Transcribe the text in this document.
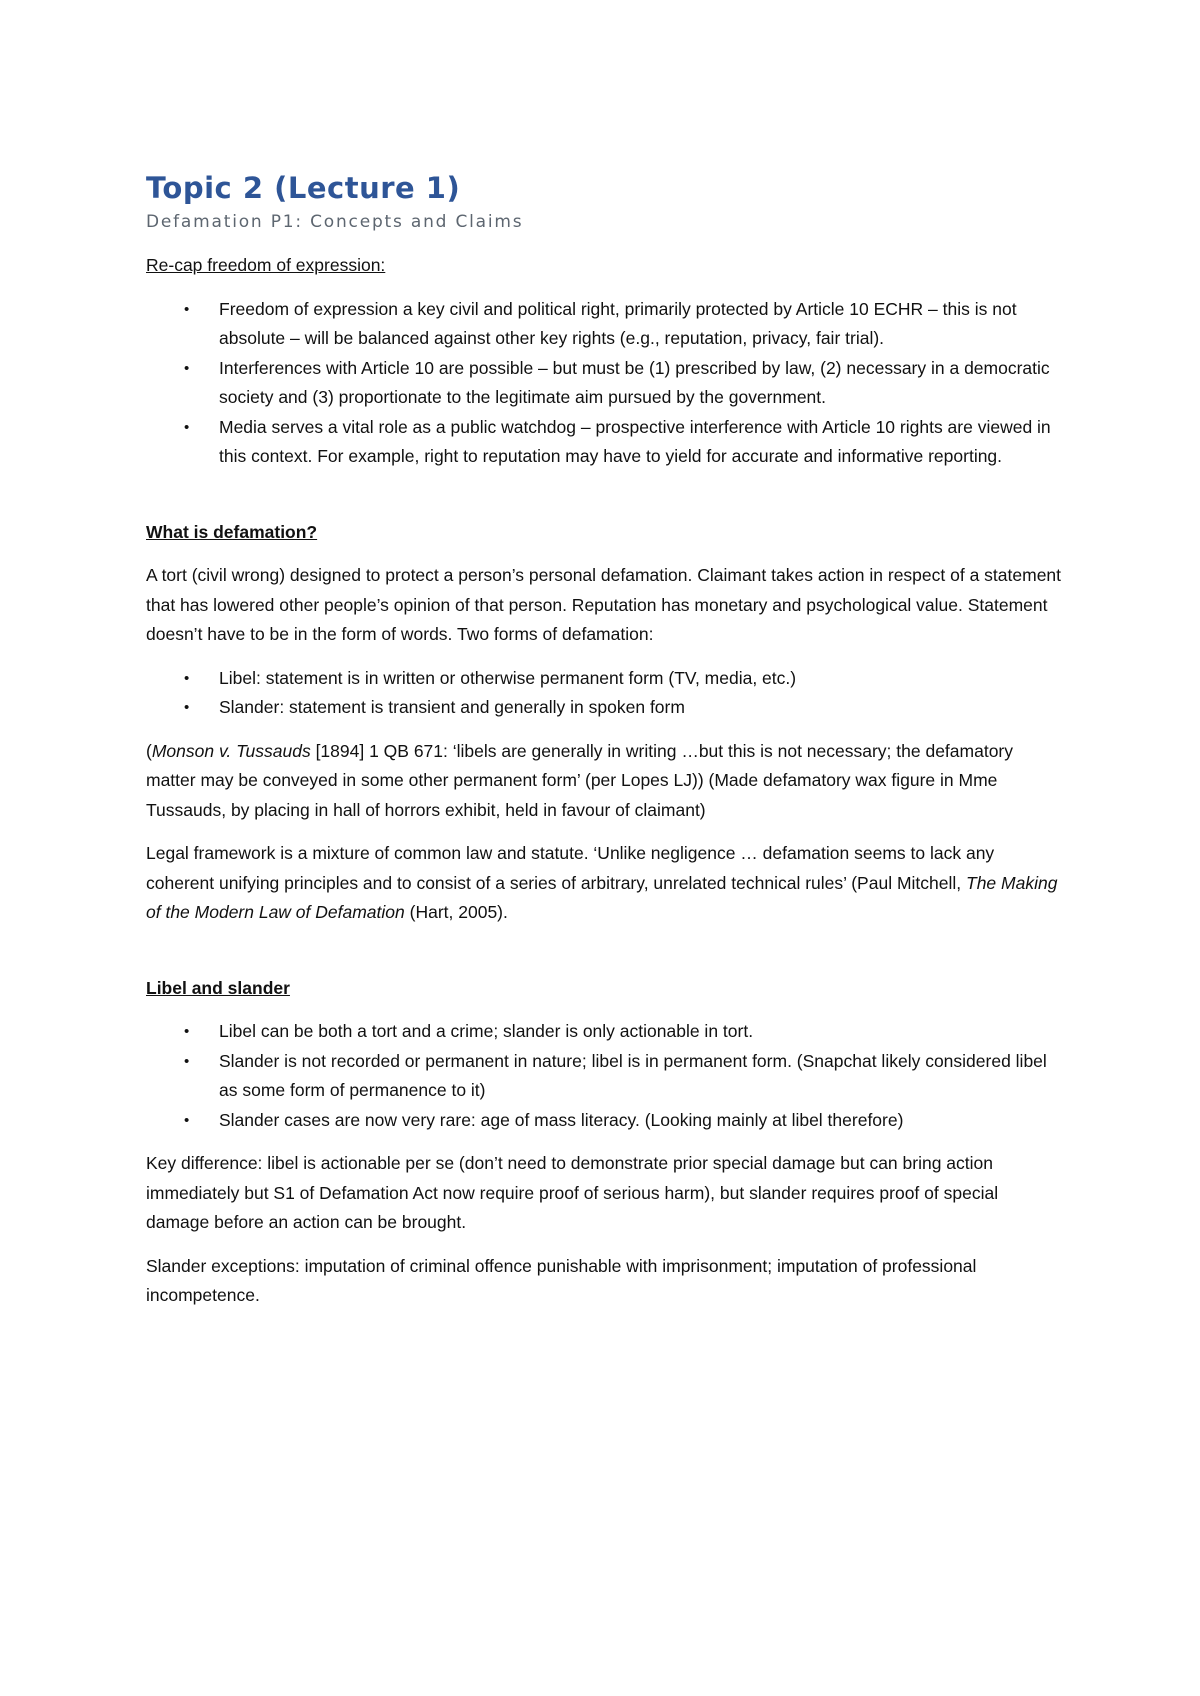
Topic 2 (Lecture 1)
Defamation P1: Concepts and Claims

Re-cap freedom of expression:

• Freedom of expression a key civil and political right, primarily protected by Article 10 ECHR – this is not absolute – will be balanced against other key rights (e.g., reputation, privacy, fair trial).
• Interferences with Article 10 are possible – but must be (1) prescribed by law, (2) necessary in a democratic society and (3) proportionate to the legitimate aim pursued by the government.
• Media serves a vital role as a public watchdog – prospective interference with Article 10 rights are viewed in this context. For example, right to reputation may have to yield for accurate and informative reporting.

What is defamation?

A tort (civil wrong) designed to protect a person’s personal defamation. Claimant takes action in respect of a statement that has lowered other people’s opinion of that person. Reputation has monetary and psychological value. Statement doesn’t have to be in the form of words. Two forms of defamation:

• Libel: statement is in written or otherwise permanent form (TV, media, etc.)
• Slander: statement is transient and generally in spoken form

(Monson v. Tussauds [1894] 1 QB 671: ‘libels are generally in writing …but this is not necessary; the defamatory matter may be conveyed in some other permanent form’ (per Lopes LJ)) (Made defamatory wax figure in Mme Tussauds, by placing in hall of horrors exhibit, held in favour of claimant)

Legal framework is a mixture of common law and statute. ‘Unlike negligence … defamation seems to lack any coherent unifying principles and to consist of a series of arbitrary, unrelated technical rules’ (Paul Mitchell, The Making of the Modern Law of Defamation (Hart, 2005).

Libel and slander

• Libel can be both a tort and a crime; slander is only actionable in tort.
• Slander is not recorded or permanent in nature; libel is in permanent form. (Snapchat likely considered libel as some form of permanence to it)
• Slander cases are now very rare: age of mass literacy. (Looking mainly at libel therefore)

Key difference: libel is actionable per se (don’t need to demonstrate prior special damage but can bring action immediately but S1 of Defamation Act now require proof of serious harm), but slander requires proof of special damage before an action can be brought.

Slander exceptions: imputation of criminal offence punishable with imprisonment; imputation of professional incompetence.
